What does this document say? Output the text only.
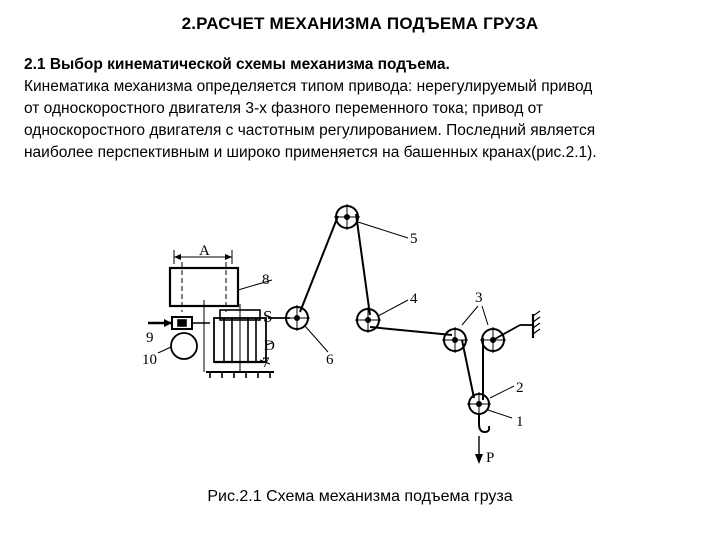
2.РАСЧЕТ МЕХАНИЗМА ПОДЪЕМА ГРУЗА
2.1 Выбор кинематической схемы механизма подъема.
Кинематика механизма определяется типом привода: нерегулируемый привод
от односкоростного двигателя 3-х фазного переменного тока; привод от
односкоростного двигателя с частотным регулированием. Последний является
наиболее перспективным и широко применяется на башенных кранах(рис.2.1).
5
4	3
2
1
6
7
8
9
10
S
A
D
P
Рис.2.1 Схема механизма подъема груза
